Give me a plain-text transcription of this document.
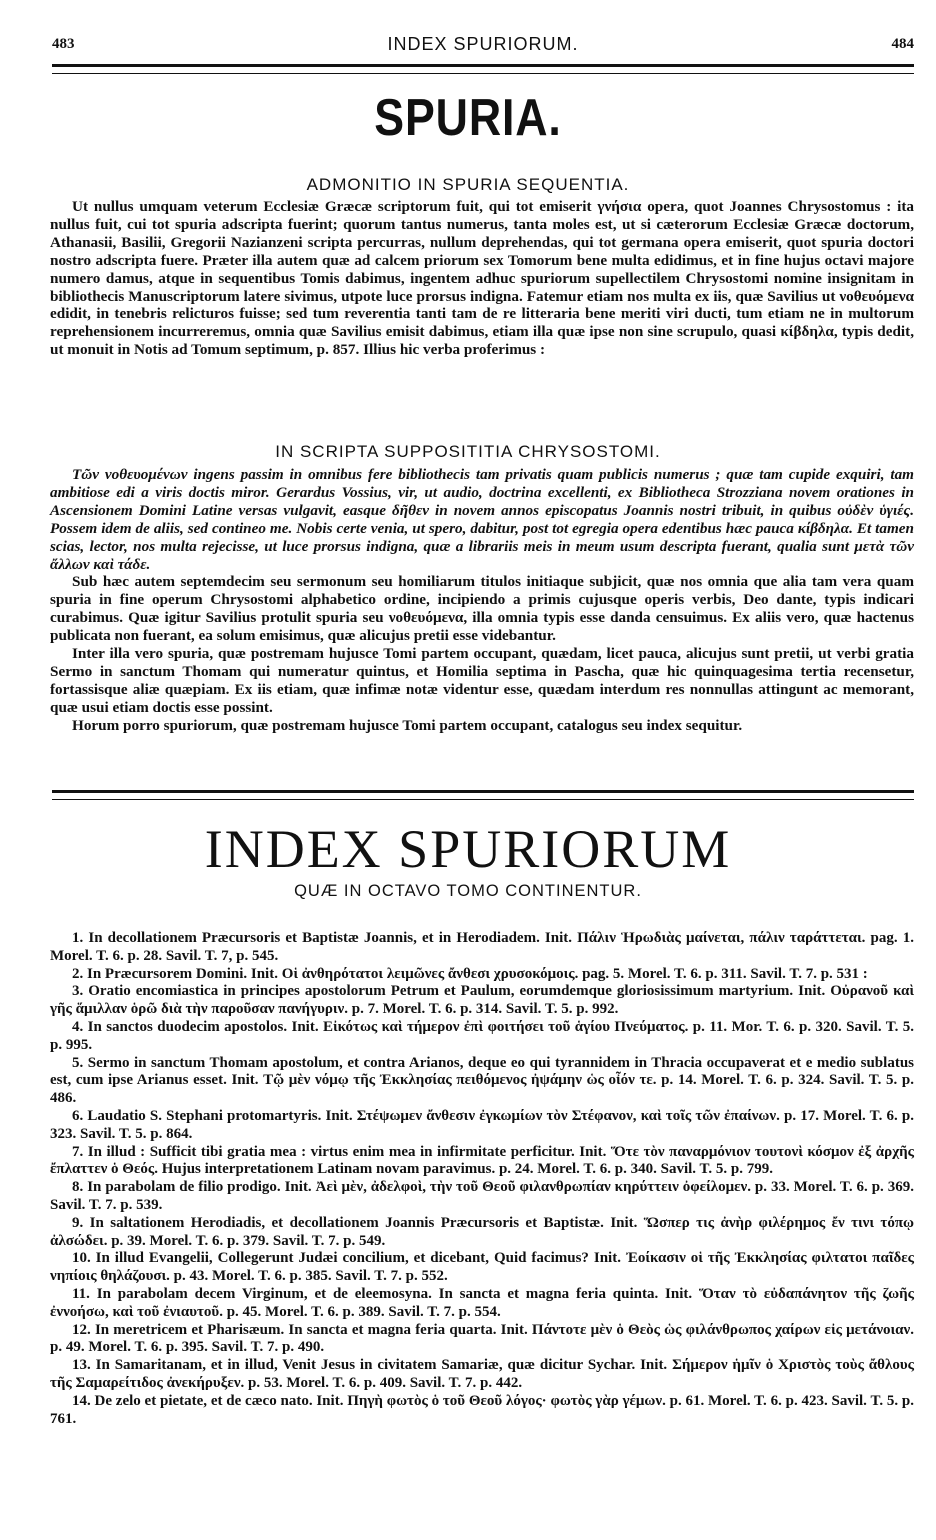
483	INDEX SPURIORUM.	484
SPURIA.
ADMONITIO IN SPURIA SEQUENTIA.

Ut nullus umquam veterum Ecclesiæ Græcæ scriptorum fuit, qui tot emiserit γνήσια opera, quot Joannes Chrysostomus : ita nullus fuit, cui tot spuria adscripta fuerint; quorum tantus numerus, tanta moles est, ut si cæterorum Ecclesiæ Græcæ doctorum, Athanasii, Basilii, Gregorii Nazianzeni scripta percurras, nullum deprehendas, qui tot germana opera emiserit, quot spuria doctori nostro adscripta fuere. Præter illa autem quæ ad calcem priorum sex Tomorum bene multa edidimus, et in fine hujus octavi majore numero damus, atque in sequentibus Tomis dabimus, ingentem adhuc spuriorum supellectilem Chrysostomi nomine insignitam in bibliothecis Manuscriptorum latere sivimus, utpote luce prorsus indigna. Fatemur etiam nos multa ex iis, quæ Savilius ut νοθευόμενα edidit, in tenebris relicturos fuisse; sed tum reverentia tanti tam de re litteraria bene meriti viri ducti, tum etiam ne in multorum reprehensionem incurreremus, omnia quæ Savilius emisit dabimus, etiam illa quæ ipse non sine scrupulo, quasi κίβδηλα, typis dedit, ut monuit in Notis ad Tomum septimum, p. 857. Illius hic verba proferimus :

IN SCRIPTA SUPPOSITITIA CHRYSOSTOMI.

Τῶν νοθευομένων ingens passim in omnibus fere bibliothecis tam privatis quam publicis numerus ; quæ tam cupide exquiri, tam ambitiose edi a viris doctis miror. Gerardus Vossius, vir, ut audio, doctrina excellenti, ex Bibliotheca Strozziana novem orationes in Ascensionem Domini Latine versas vulgavit, easque δῆθεν in novem annos episcopatus Joannis nostri tribuit, in quibus οὐδὲν ὑγιές. Possem idem de aliis, sed contineo me. Nobis certe venia, ut spero, dabitur, post tot egregia opera edentibus hæc pauca κίβδηλα. Et tamen scias, lector, nos multa rejecisse, ut luce prorsus indigna, quæ a librariis meis in meum usum descripta fuerant, qualia sunt μετὰ τῶν ἄλλων καὶ τάδε.

Sub hæc autem septemdecim seu sermonum seu homiliarum titulos initiaque subjicit, quæ nos omnia que alia tam vera quam spuria in fine operum Chrysostomi alphabetico ordine, incipiendo a primis cujusque operis verbis, Deo dante, typis indicari curabimus. Quæ igitur Savilius protulit spuria seu νοθευόμενα, illa omnia typis esse danda censuimus. Ex aliis vero, quæ hactenus publicata non fuerant, ea solum emisimus, quæ alicujus pretii esse videbantur.

Inter illa vero spuria, quæ postremam hujusce Tomi partem occupant, quædam, licet pauca, alicujus sunt pretii, ut verbi gratia Sermo in sanctum Thomam qui numeratur quintus, et Homilia septima in Pascha, quæ hic quinquagesima tertia recensetur, fortassisque aliæ quæpiam. Ex iis etiam, quæ infimæ notæ videntur esse, quædam interdum res nonnullas attingunt ac memorant, quæ usui etiam doctis esse possint.

Horum porro spuriorum, quæ postremam hujusce Tomi partem occupant, catalogus seu index sequitur.

INDEX SPURIORUM
QUÆ IN OCTAVO TOMO CONTINENTUR.

1. In decollationem Præcursoris et Baptistæ Joannis, et in Herodiadem. Init. Πάλιν Ἡρωδιὰς μαίνεται, πάλιν ταράττεται. pag. 1. Morel. T. 6. p. 28. Savil. T. 7, p. 545.

2. In Præcursorem Domini. Init. Οἱ ἀνθηρότατοι λειμῶνες ἄνθεσι χρυσοκόμοις. pag. 5. Morel. T. 6. p. 311. Savil. T. 7. p. 531 :

3. Oratio encomiastica in principes apostolorum Petrum et Paulum, eorumdemque gloriosissimum martyrium. Init. Οὐρανοῦ καὶ γῆς ἅμιλλαν ὁρῶ διὰ τὴν παροῦσαν πανήγυριν. p. 7. Morel. T. 6. p. 314. Savil. T. 5. p. 992.

4. In sanctos duodecim apostolos. Init. Εἰκότως καὶ τήμερον ἐπὶ φοιτήσει τοῦ ἁγίου Πνεύματος. p. 11. Mor. T. 6. p. 320. Savil. T. 5. p. 995.

5. Sermo in sanctum Thomam apostolum, et contra Arianos, deque eo qui tyrannidem in Thracia occupaverat et e medio sublatus est, cum ipse Arianus esset. Init. Τῷ μὲν νόμῳ τῆς Ἐκκλησίας πειθόμενος ἠψάμην ὡς οἶόν τε. p. 14. Morel. T. 6. p. 324. Savil. T. 5. p. 486.

6. Laudatio S. Stephani protomartyris. Init. Στέψωμεν ἄνθεσιν ἐγκωμίων τὸν Στέφανον, καὶ τοῖς τῶν ἐπαίνων. p. 17. Morel. T. 6. p. 323. Savil. T. 5. p. 864.

7. In illud : Sufficit tibi gratia mea : virtus enim mea in infirmitate perficitur. Init. Ὅτε τὸν παναρμόνιον τουτονὶ κόσμον ἐξ ἀρχῆς ἔπλαττεν ὁ Θεός. Hujus interpretationem Latinam novam paravimus. p. 24. Morel. T. 6. p. 340. Savil. T. 5. p. 799.

8. In parabolam de filio prodigo. Init. Ἀεὶ μὲν, ἀδελφοὶ, τὴν τοῦ Θεοῦ φιλανθρωπίαν κηρύττειν ὀφείλομεν. p. 33. Morel. T. 6. p. 369. Savil. T. 7. p. 539.

9. In saltationem Herodiadis, et decollationem Joannis Præcursoris et Baptistæ. Init. Ὥσπερ τις ἀνὴρ φιλέρημος ἔν τινι τόπῳ ἀλσώδει. p. 39. Morel. T. 6. p. 379. Savil. T. 7. p. 549.

10. In illud Evangelii, Collegerunt Judæi concilium, et dicebant, Quid facimus? Init. Ἐοίκασιν οἱ τῆς Ἐκκλησίας φιλτατοι παῖδες νηπίοις θηλάζουσι. p. 43. Morel. T. 6. p. 385. Savil. T. 7. p. 552.

11. In parabolam decem Virginum, et de eleemosyna. In sancta et magna feria quinta. Init. Ὅταν τὸ εὐδαπάνητον τῆς ζωῆς ἐννοήσω, καὶ τοῦ ἐνιαυτοῦ. p. 45. Morel. T. 6. p. 389. Savil. T. 7. p. 554.

12. In meretricem et Pharisæum. In sancta et magna feria quarta. Init. Πάντοτε μὲν ὁ Θεὸς ὡς φιλάνθρωπος χαίρων εἰς μετάνοιαν. p. 49. Morel. T. 6. p. 395. Savil. T. 7. p. 490.

13. In Samaritanam, et in illud, Venit Jesus in civitatem Samariæ, quæ dicitur Sychar. Init. Σήμερον ἡμῖν ὁ Χριστὸς τοὺς ἄθλους τῆς Σαμαρείτιδος ἀνεκήρυξεν. p. 53. Morel. T. 6. p. 409. Savil. T. 7. p. 442.

14. De zelo et pietate, et de cæco nato. Init. Πηγὴ φωτὸς ὁ τοῦ Θεοῦ λόγος· φωτὸς γὰρ γέμων. p. 61. Morel. T. 6. p. 423. Savil. T. 5. p. 761.
